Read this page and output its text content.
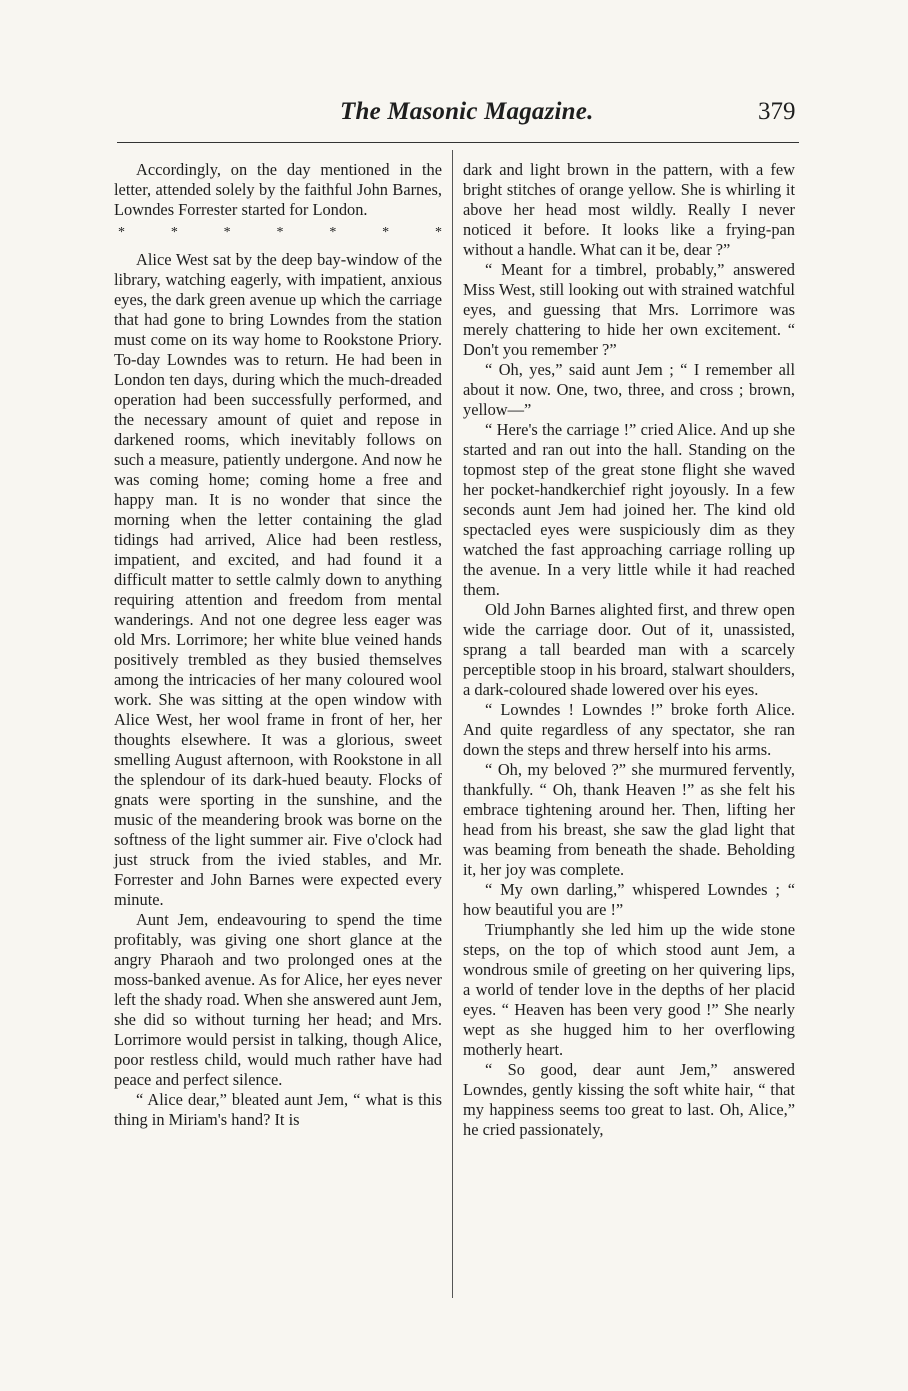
The Masonic Magazine.	379

Accordingly, on the day mentioned in the letter, attended solely by the faithful John Barnes, Lowndes Forrester started for London.

*	*	*	*	*	*	*

Alice West sat by the deep bay-window of the library, watching eagerly, with impatient, anxious eyes, the dark green avenue up which the carriage that had gone to bring Lowndes from the station must come on its way home to Rookstone Priory. To-day Lowndes was to return. He had been in London ten days, during which the much-dreaded operation had been successfully performed, and the necessary amount of quiet and repose in darkened rooms, which inevitably follows on such a measure, patiently undergone. And now he was coming home; coming home a free and happy man. It is no wonder that since the morning when the letter containing the glad tidings had arrived, Alice had been restless, impatient, and excited, and had found it a difficult matter to settle calmly down to anything requiring attention and freedom from mental wanderings. And not one degree less eager was old Mrs. Lorrimore; her white blue veined hands positively trembled as they busied themselves among the intricacies of her many coloured wool work. She was sitting at the open window with Alice West, her wool frame in front of her, her thoughts elsewhere. It was a glorious, sweet smelling August afternoon, with Rookstone in all the splendour of its dark-hued beauty. Flocks of gnats were sporting in the sunshine, and the music of the meandering brook was borne on the softness of the light summer air. Five o'clock had just struck from the ivied stables, and Mr. Forrester and John Barnes were expected every minute.

Aunt Jem, endeavouring to spend the time profitably, was giving one short glance at the angry Pharaoh and two prolonged ones at the moss-banked avenue. As for Alice, her eyes never left the shady road. When she answered aunt Jem, she did so without turning her head; and Mrs. Lorrimore would persist in talking, though Alice, poor restless child, would much rather have had peace and perfect silence.

“ Alice dear,” bleated aunt Jem, “ what is this thing in Miriam's hand? It is

dark and light brown in the pattern, with a few bright stitches of orange yellow. She is whirling it above her head most wildly. Really I never noticed it before. It looks like a frying-pan without a handle. What can it be, dear ?”

“ Meant for a timbrel, probably,” answered Miss West, still looking out with strained watchful eyes, and guessing that Mrs. Lorrimore was merely chattering to hide her own excitement. “ Don't you remember ?”

“ Oh, yes,” said aunt Jem ; “ I remember all about it now. One, two, three, and cross ; brown, yellow—”

“ Here's the carriage !” cried Alice. And up she started and ran out into the hall. Standing on the topmost step of the great stone flight she waved her pocket-handkerchief right joyously. In a few seconds aunt Jem had joined her. The kind old spectacled eyes were suspiciously dim as they watched the fast approaching carriage rolling up the avenue. In a very little while it had reached them.

Old John Barnes alighted first, and threw open wide the carriage door. Out of it, unassisted, sprang a tall bearded man with a scarcely perceptible stoop in his broard, stalwart shoulders, a dark-coloured shade lowered over his eyes.

“ Lowndes ! Lowndes !” broke forth Alice. And quite regardless of any spectator, she ran down the steps and threw herself into his arms.

“ Oh, my beloved ?” she murmured fervently, thankfully. “ Oh, thank Heaven !” as she felt his embrace tightening around her. Then, lifting her head from his breast, she saw the glad light that was beaming from beneath the shade. Beholding it, her joy was complete.

“ My own darling,” whispered Lowndes ; “ how beautiful you are !”

Triumphantly she led him up the wide stone steps, on the top of which stood aunt Jem, a wondrous smile of greeting on her quivering lips, a world of tender love in the depths of her placid eyes. “ Heaven has been very good !” She nearly wept as she hugged him to her overflowing motherly heart.

“ So good, dear aunt Jem,” answered Lowndes, gently kissing the soft white hair, “ that my happiness seems too great to last. Oh, Alice,” he cried passionately,
